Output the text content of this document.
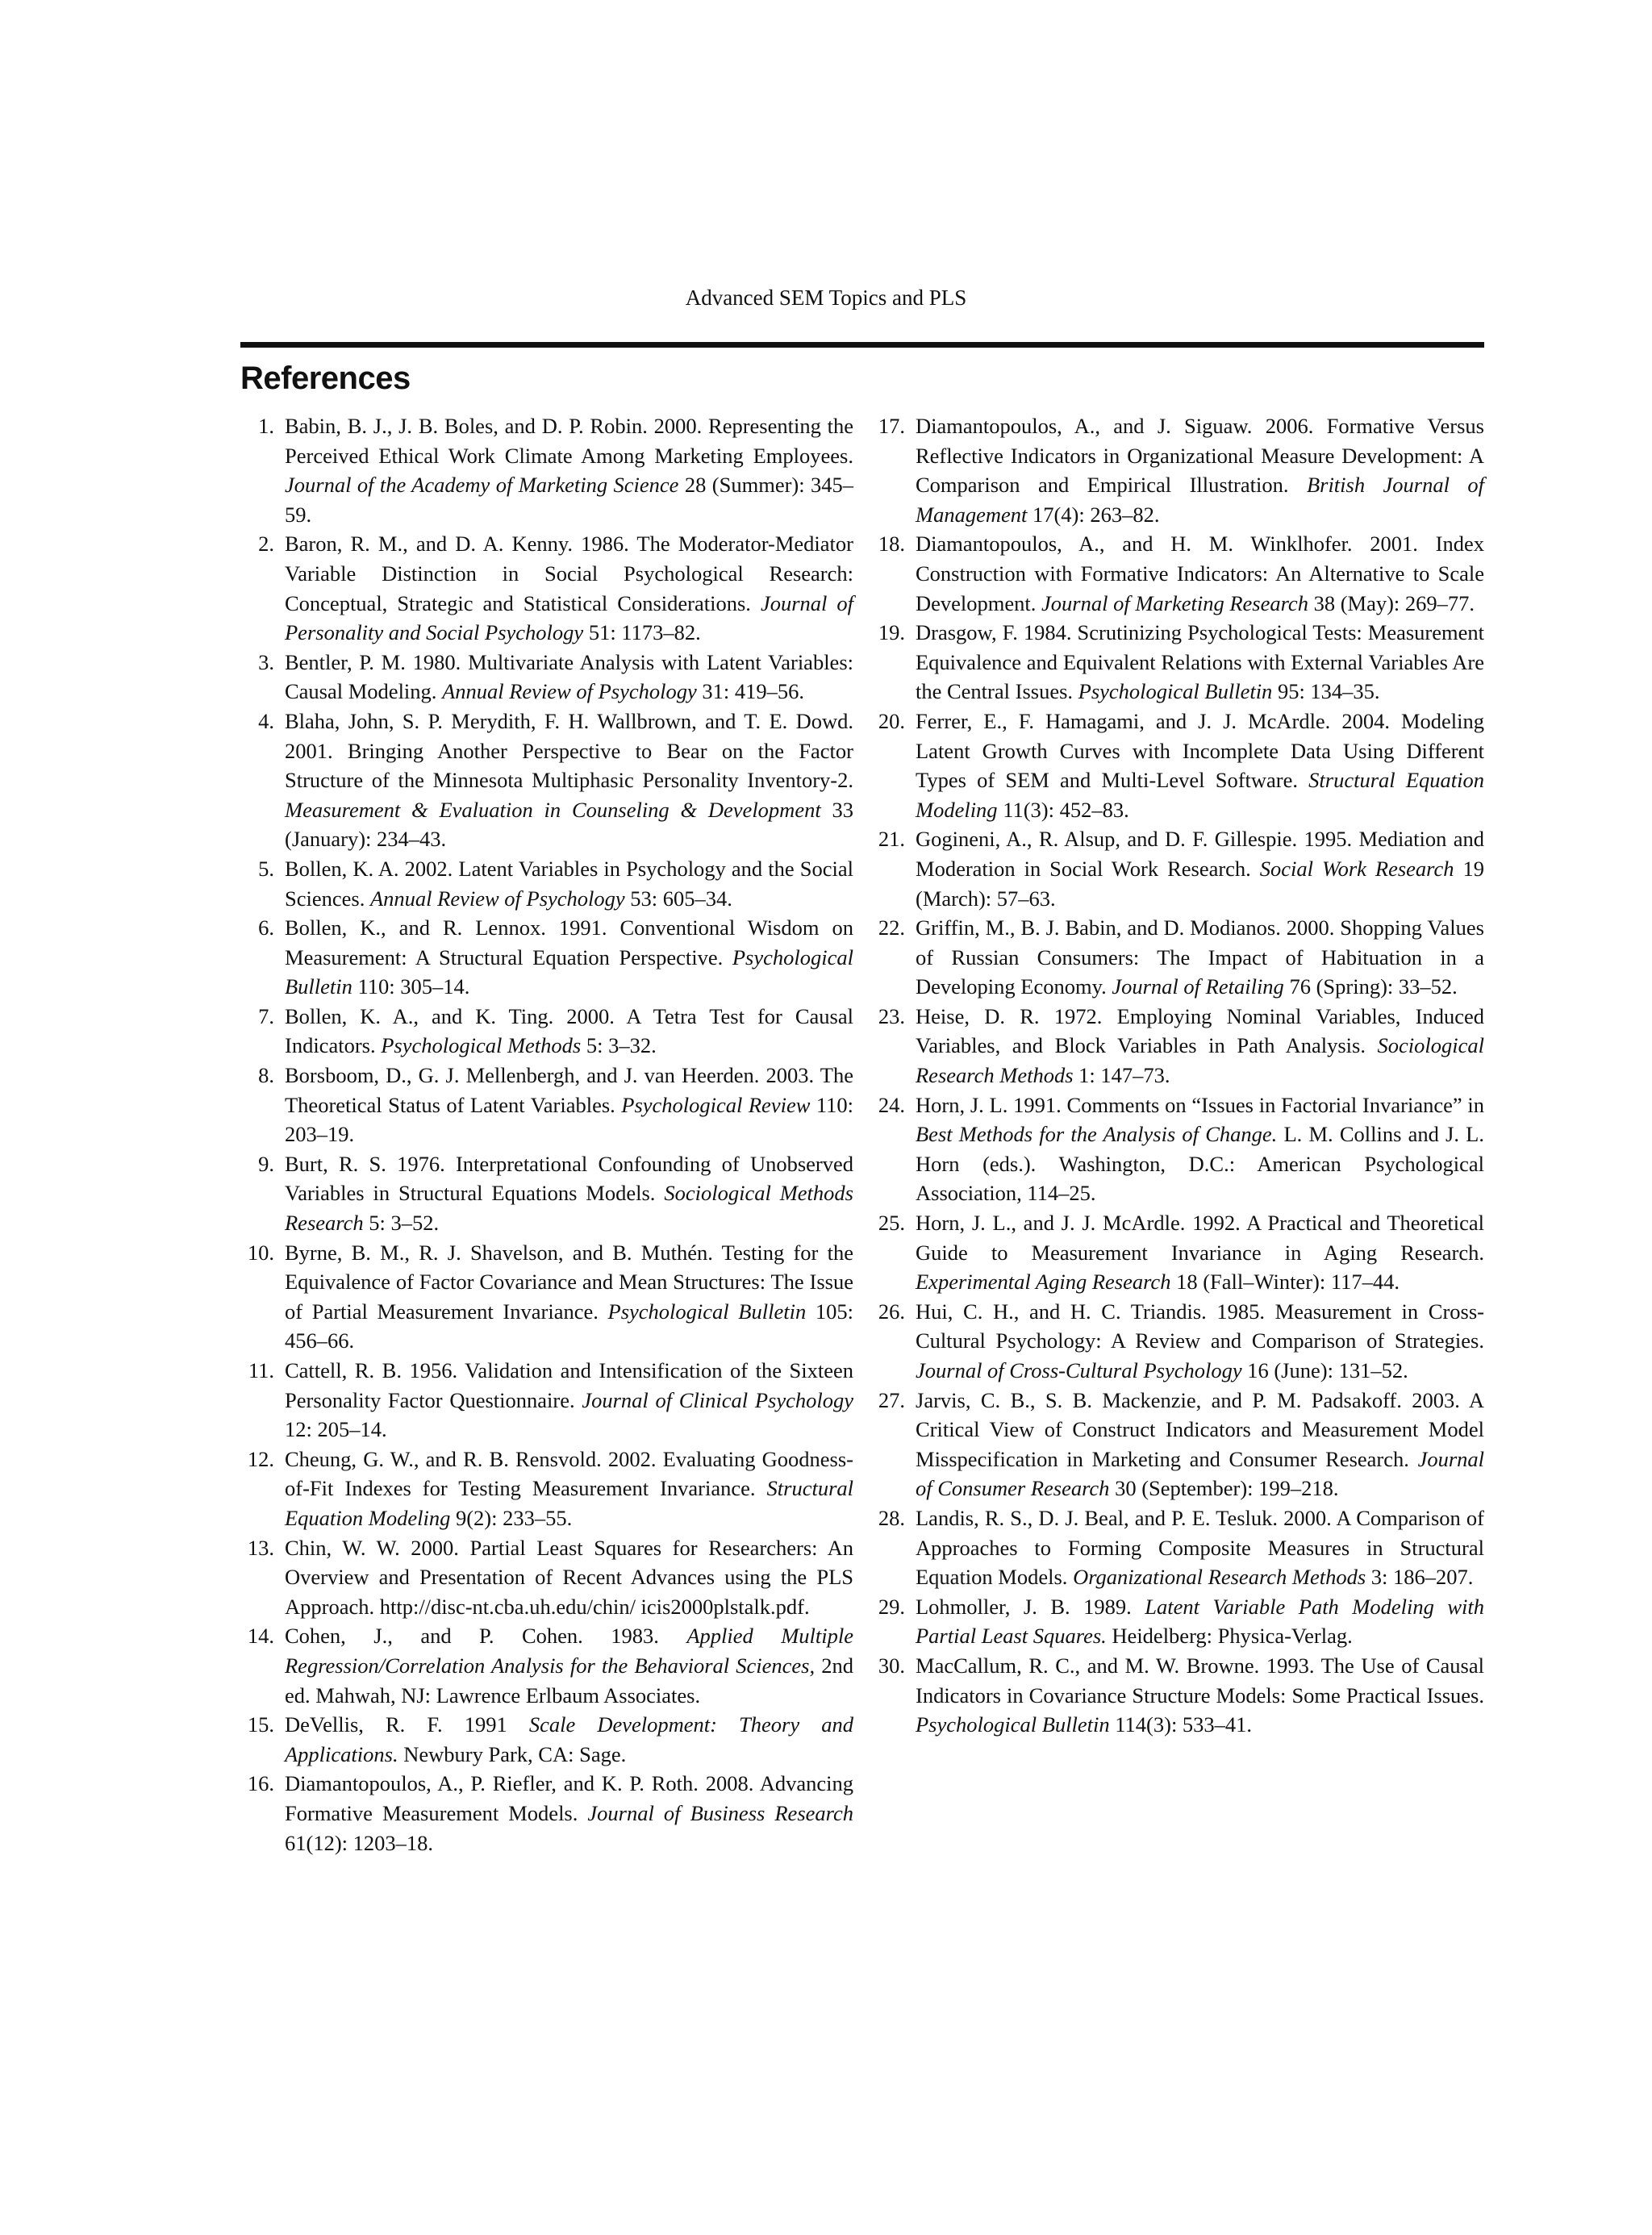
Advanced SEM Topics and PLS
References
1. Babin, B. J., J. B. Boles, and D. P. Robin. 2000. Representing the Perceived Ethical Work Climate Among Marketing Employees. Journal of the Academy of Marketing Science 28 (Summer): 345–59.
2. Baron, R. M., and D. A. Kenny. 1986. The Moderator-Mediator Variable Distinction in Social Psychological Research: Conceptual, Strategic and Statistical Considerations. Journal of Personality and Social Psychology 51: 1173–82.
3. Bentler, P. M. 1980. Multivariate Analysis with Latent Variables: Causal Modeling. Annual Review of Psychology 31: 419–56.
4. Blaha, John, S. P. Merydith, F. H. Wallbrown, and T. E. Dowd. 2001. Bringing Another Perspective to Bear on the Factor Structure of the Minnesota Multiphasic Personality Inventory-2. Measurement & Evaluation in Counseling & Development 33 (January): 234–43.
5. Bollen, K. A. 2002. Latent Variables in Psychology and the Social Sciences. Annual Review of Psychology 53: 605–34.
6. Bollen, K., and R. Lennox. 1991. Conventional Wisdom on Measurement: A Structural Equation Perspective. Psychological Bulletin 110: 305–14.
7. Bollen, K. A., and K. Ting. 2000. A Tetra Test for Causal Indicators. Psychological Methods 5: 3–32.
8. Borsboom, D., G. J. Mellenbergh, and J. van Heerden. 2003. The Theoretical Status of Latent Variables. Psychological Review 110: 203–19.
9. Burt, R. S. 1976. Interpretational Confounding of Unobserved Variables in Structural Equations Models. Sociological Methods Research 5: 3–52.
10. Byrne, B. M., R. J. Shavelson, and B. Muthén. Testing for the Equivalence of Factor Covariance and Mean Structures: The Issue of Partial Measurement Invariance. Psychological Bulletin 105: 456–66.
11. Cattell, R. B. 1956. Validation and Intensification of the Sixteen Personality Factor Questionnaire. Journal of Clinical Psychology 12: 205–14.
12. Cheung, G. W., and R. B. Rensvold. 2002. Evaluating Goodness-of-Fit Indexes for Testing Measurement Invariance. Structural Equation Modeling 9(2): 233–55.
13. Chin, W. W. 2000. Partial Least Squares for Researchers: An Overview and Presentation of Recent Advances using the PLS Approach. http://disc-nt.cba.uh.edu/chin/ icis2000plstalk.pdf.
14. Cohen, J., and P. Cohen. 1983. Applied Multiple Regression/Correlation Analysis for the Behavioral Sciences, 2nd ed. Mahwah, NJ: Lawrence Erlbaum Associates.
15. DeVellis, R. F. 1991 Scale Development: Theory and Applications. Newbury Park, CA: Sage.
16. Diamantopoulos, A., P. Riefler, and K. P. Roth. 2008. Advancing Formative Measurement Models. Journal of Business Research 61(12): 1203–18.
17. Diamantopoulos, A., and J. Siguaw. 2006. Formative Versus Reflective Indicators in Organizational Measure Development: A Comparison and Empirical Illustration. British Journal of Management 17(4): 263–82.
18. Diamantopoulos, A., and H. M. Winklhofer. 2001. Index Construction with Formative Indicators: An Alternative to Scale Development. Journal of Marketing Research 38 (May): 269–77.
19. Drasgow, F. 1984. Scrutinizing Psychological Tests: Measurement Equivalence and Equivalent Relations with External Variables Are the Central Issues. Psychological Bulletin 95: 134–35.
20. Ferrer, E., F. Hamagami, and J. J. McArdle. 2004. Modeling Latent Growth Curves with Incomplete Data Using Different Types of SEM and Multi-Level Software. Structural Equation Modeling 11(3): 452–83.
21. Gogineni, A., R. Alsup, and D. F. Gillespie. 1995. Mediation and Moderation in Social Work Research. Social Work Research 19 (March): 57–63.
22. Griffin, M., B. J. Babin, and D. Modianos. 2000. Shopping Values of Russian Consumers: The Impact of Habituation in a Developing Economy. Journal of Retailing 76 (Spring): 33–52.
23. Heise, D. R. 1972. Employing Nominal Variables, Induced Variables, and Block Variables in Path Analysis. Sociological Research Methods 1: 147–73.
24. Horn, J. L. 1991. Comments on “Issues in Factorial Invariance” in Best Methods for the Analysis of Change. L. M. Collins and J. L. Horn (eds.). Washington, D.C.: American Psychological Association, 114–25.
25. Horn, J. L., and J. J. McArdle. 1992. A Practical and Theoretical Guide to Measurement Invariance in Aging Research. Experimental Aging Research 18 (Fall–Winter): 117–44.
26. Hui, C. H., and H. C. Triandis. 1985. Measurement in Cross-Cultural Psychology: A Review and Comparison of Strategies. Journal of Cross-Cultural Psychology 16 (June): 131–52.
27. Jarvis, C. B., S. B. Mackenzie, and P. M. Padsakoff. 2003. A Critical View of Construct Indicators and Measurement Model Misspecification in Marketing and Consumer Research. Journal of Consumer Research 30 (September): 199–218.
28. Landis, R. S., D. J. Beal, and P. E. Tesluk. 2000. A Comparison of Approaches to Forming Composite Measures in Structural Equation Models. Organizational Research Methods 3: 186–207.
29. Lohmoller, J. B. 1989. Latent Variable Path Modeling with Partial Least Squares. Heidelberg: Physica-Verlag.
30. MacCallum, R. C., and M. W. Browne. 1993. The Use of Causal Indicators in Covariance Structure Models: Some Practical Issues. Psychological Bulletin 114(3): 533–41.
